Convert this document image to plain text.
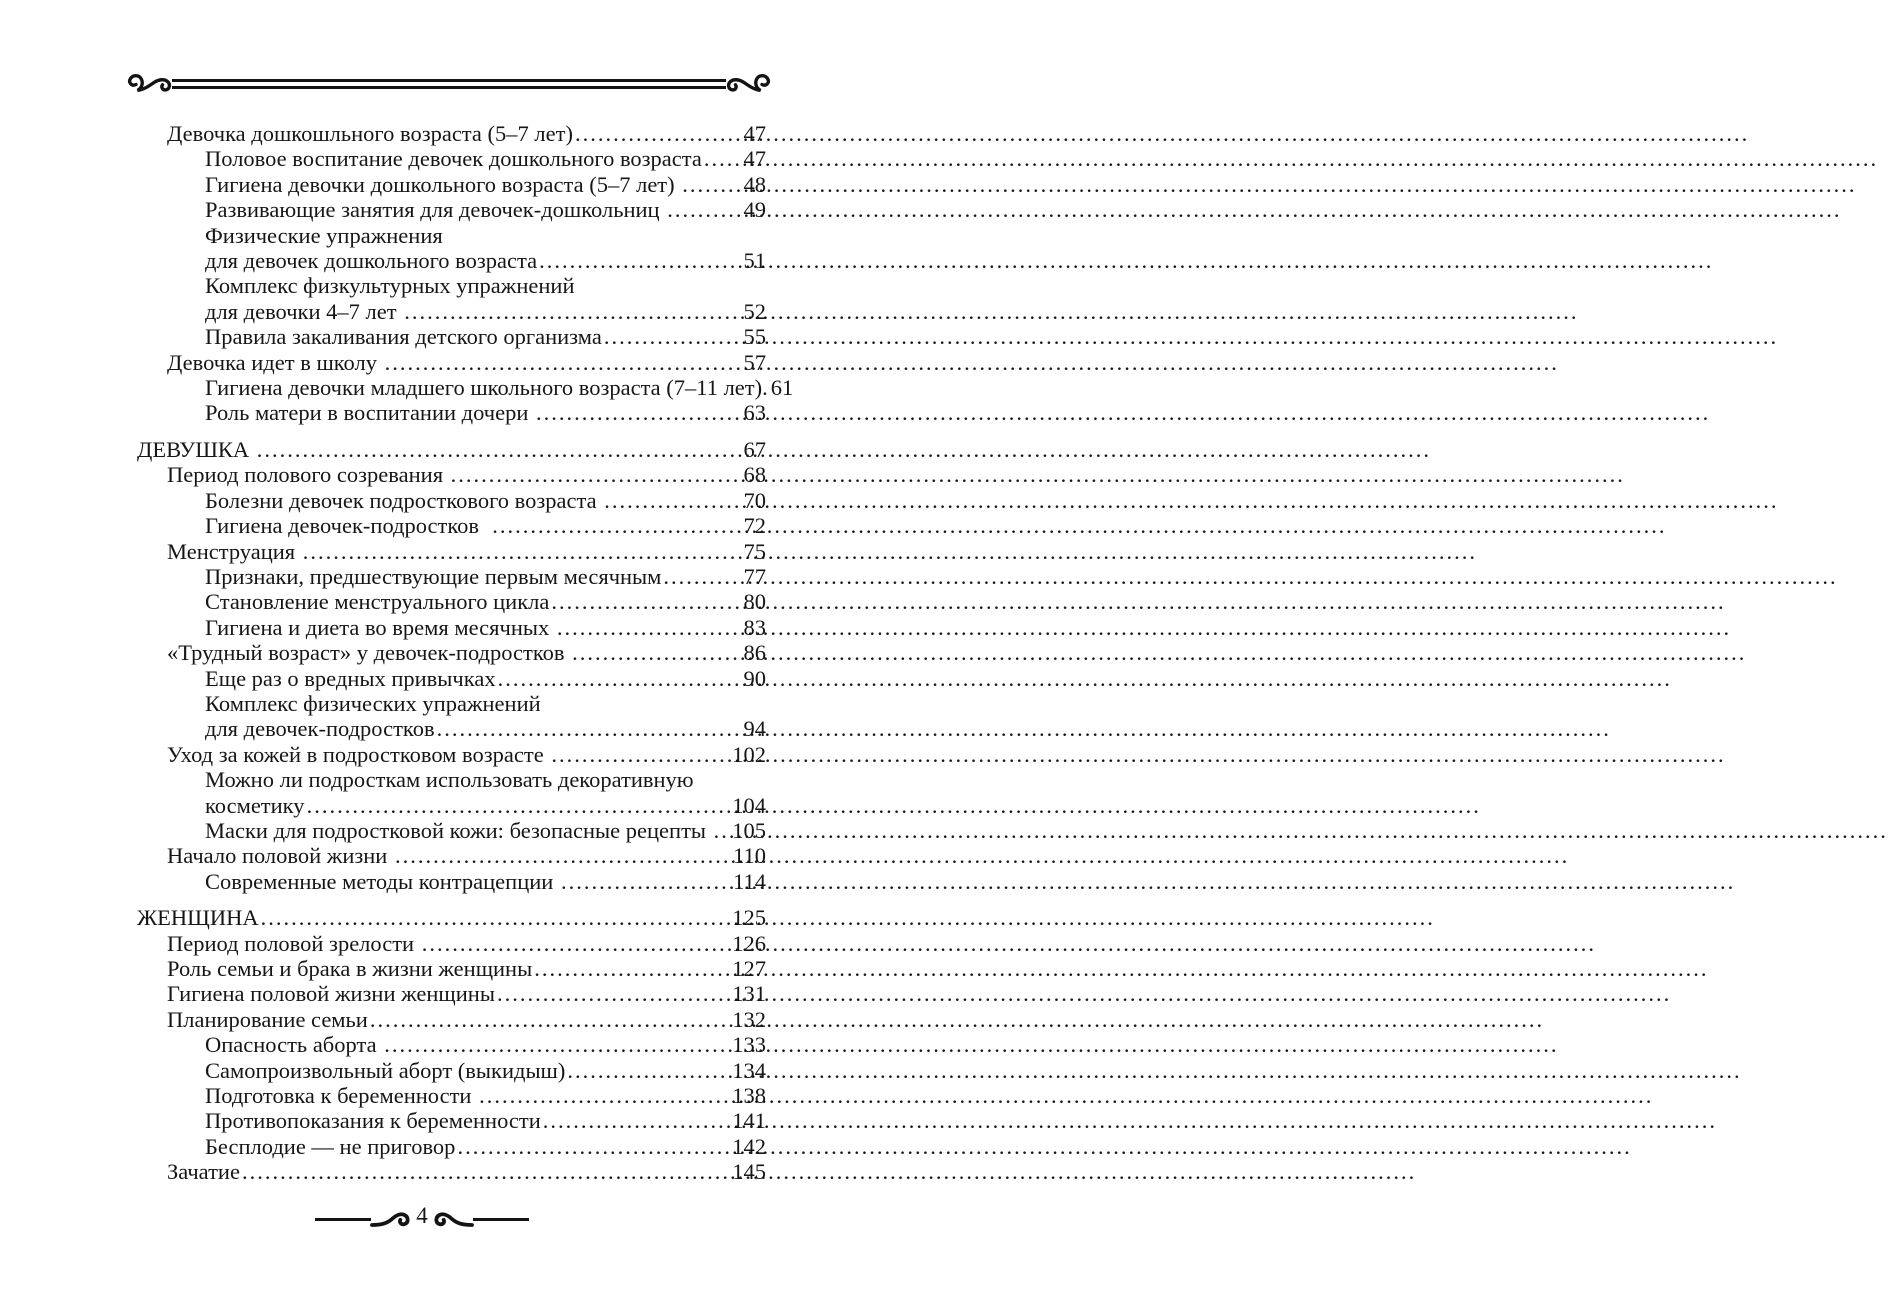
Девочка дошкошльного возраста (5–7 лет) .....	47
Половое воспитание девочек дошкольного возраста ..... 47
Гигиена девочки дошкольного возраста (5–7 лет) .....	48
Развивающие занятия для девочек-дошкольниц .....	49
Физические упражнения
для девочек дошкольного возраста .....	51
Комплекс физкультурных упражнений
для девочки 4–7 лет .....	52
Правила закаливания детского организма .....	55
Девочка идет в школу .....	57
Гигиена девочки младшего школьного возраста (7–11 лет). 61
Роль матери в воспитании дочери .....	63
ДЕВУШКА .....	67
Период полового созревания .....	68
Болезни девочек подросткового возраста .....	70
Гигиена девочек-подростков .....	72
Менструация .....	75
Признаки, предшествующие первым месячным .....	77
Становление менструального цикла .....	80
Гигиена и диета во время месячных .....	83
«Трудный возраст» у девочек-подростков .....	86
Еще раз о вредных привычках .....	90
Комплекс физических упражнений
для девочек-подростков .....	94
Уход за кожей в подростковом возрасте .....	102
Можно ли подросткам использовать декоративную
косметику .....	104
Маски для подростковой кожи: безопасные рецепты ..... 105
Начало половой жизни .....	110
Современные методы контрацепции .....	114
ЖЕНЩИНА .....	125
Период половой зрелости .....	126
Роль семьи и брака в жизни женщины .....	127
Гигиена половой жизни женщины .....	131
Планирование семьи .....	132
Опасность аборта .....	133
Самопроизвольный аборт (выкидыш) .....	134
Подготовка к беременности .....	138
Противопоказания к беременности .....	141
Бесплодие — не приговор .....	142
Зачатие .....	145
4
